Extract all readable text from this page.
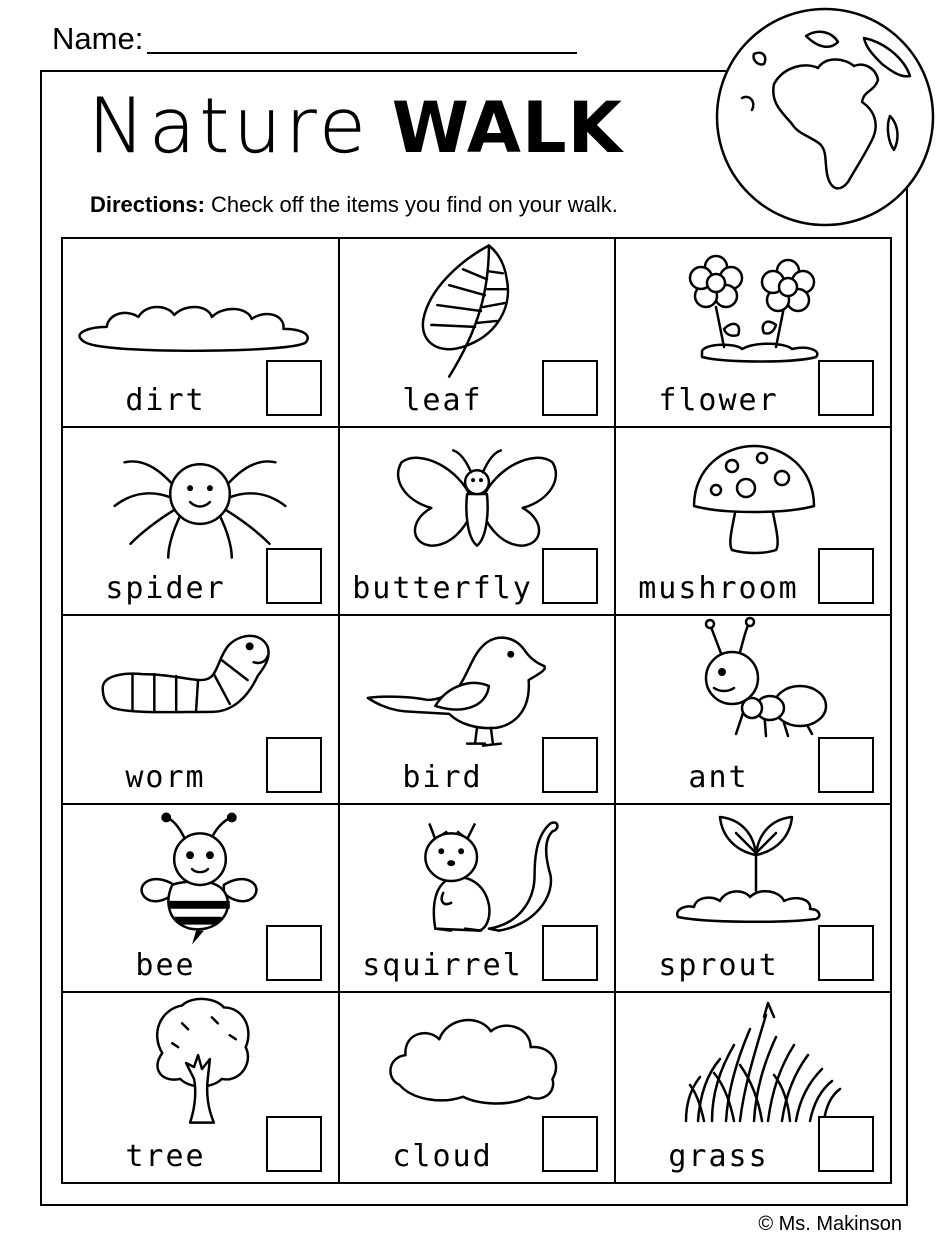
Name:
Nature WALK
Directions: Check off the items you find on your walk.
dirt	leaf	flower
spider	butterfly	mushroom
worm	bird	ant
bee	squirrel	sprout
tree	cloud	grass
© Ms. Makinson
